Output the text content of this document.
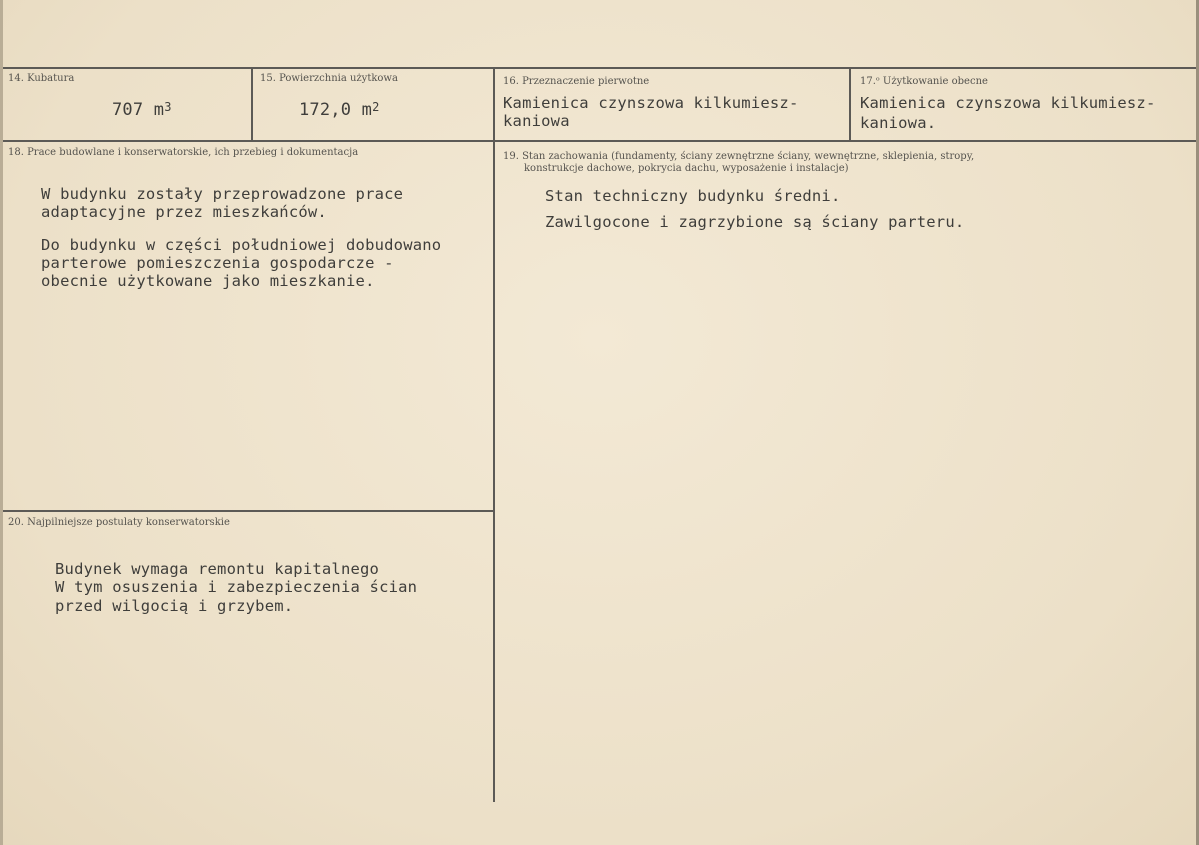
14. Kubatura
707 $m^3$
15. Powierzchnia użytkowa
172,0 $m^2$
16. Przeznaczenie pierwotne
Kamienica czynszowa kilkumiesz-
kaniowa
17.ᵒ Użytkowanie obecne
Kamienica czynszowa kilkumiesz-
kaniowa.
18. Prace budowlane i konserwatorskie, ich przebieg i dokumentacja
W budynku zostały przeprowadzone prace
adaptacyjne przez mieszkańców.
Do budynku w części południowej dobudowano
parterowe pomieszczenia gospodarcze -
obecnie użytkowane jako mieszkanie.
19. Stan zachowania (fundamenty, ściany zewnętrzne ściany, wewnętrzne, sklepienia, stropy,
konstrukcje dachowe, pokrycia dachu, wyposażenie i instalacje)
Stan techniczny budynku średni.
Zawilgocone i zagrzybione są ściany parteru.
20. Najpilniejsze postulaty konserwatorskie
Budynek wymaga remontu kapitalnego
W tym osuszenia i zabezpieczenia ścian
przed wilgocią i grzybem.
